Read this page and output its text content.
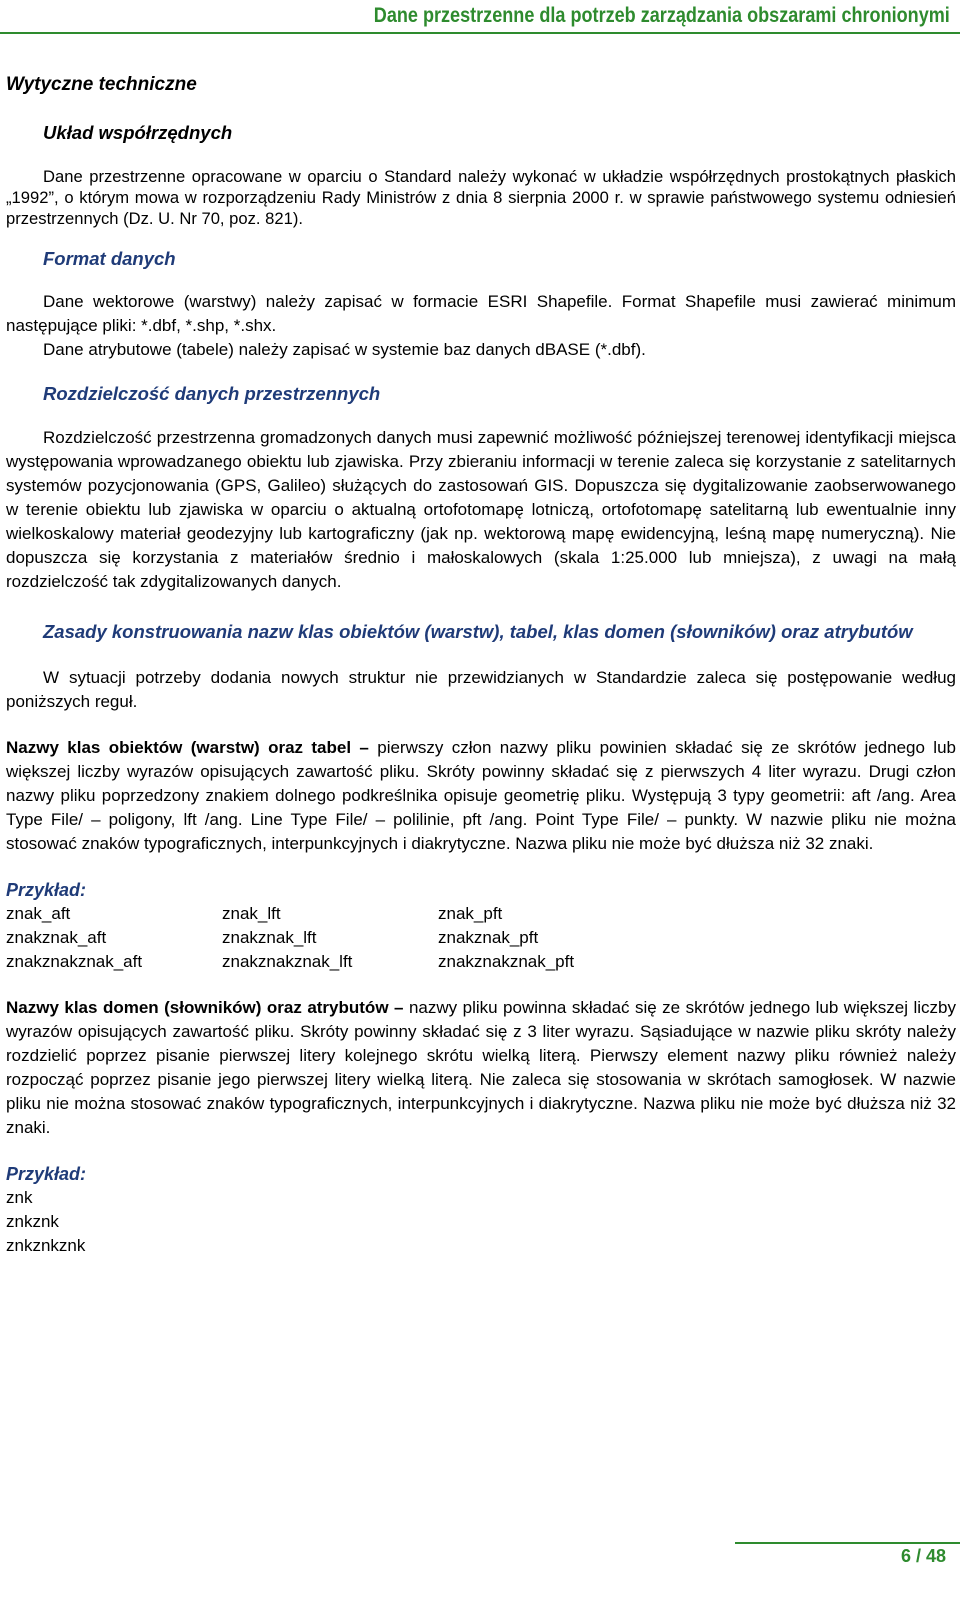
Dane przestrzenne dla potrzeb zarządzania obszarami chronionymi
Wytyczne techniczne
Układ współrzędnych

Dane przestrzenne opracowane w oparciu o Standard należy wykonać w układzie współrzędnych prostokątnych płaskich „1992”, o którym mowa w rozporządzeniu Rady Ministrów z dnia 8 sierpnia 2000 r. w sprawie państwowego systemu odniesień przestrzennych (Dz. U. Nr 70, poz. 821).

Format danych

Dane wektorowe (warstwy) należy zapisać w formacie ESRI Shapefile. Format Shapefile musi zawierać minimum następujące pliki: *.dbf, *.shp, *.shx.

Dane atrybutowe (tabele) należy zapisać w systemie baz danych dBASE (*.dbf).

Rozdzielczość danych przestrzennych

Rozdzielczość przestrzenna gromadzonych danych musi zapewnić możliwość późniejszej terenowej identyfikacji miejsca występowania wprowadzanego obiektu lub zjawiska. Przy zbieraniu informacji w terenie zaleca się korzystanie z satelitarnych systemów pozycjonowania (GPS, Galileo) służących do zastosowań GIS. Dopuszcza się dygitalizowanie zaobserwowanego w terenie obiektu lub zjawiska w oparciu o aktualną ortofotomapę lotniczą, ortofotomapę satelitarną lub ewentualnie inny wielkoskalowy materiał geodezyjny lub kartograficzny (jak np. wektorową mapę ewidencyjną, leśną mapę numeryczną). Nie dopuszcza się korzystania z materiałów średnio i małoskalowych (skala 1:25.000 lub mniejsza), z uwagi na małą rozdzielczość tak zdygitalizowanych danych.

Zasady konstruowania nazw klas obiektów (warstw), tabel, klas domen (słowników) oraz atrybutów

W sytuacji potrzeby dodania nowych struktur nie przewidzianych w Standardzie zaleca się postępowanie według poniższych reguł.

Nazwy klas obiektów (warstw) oraz tabel – pierwszy człon nazwy pliku powinien składać się ze skrótów jednego lub większej liczby wyrazów opisujących zawartość pliku. Skróty powinny składać się z pierwszych 4 liter wyrazu. Drugi człon nazwy pliku poprzedzony znakiem dolnego podkreślnika opisuje geometrię pliku. Występują 3 typy geometrii: aft /ang. Area Type File/ – poligony, lft /ang. Line Type File/ – polilinie, pft /ang. Point Type File/ – punkty. W nazwie pliku nie można stosować znaków typograficznych, interpunkcyjnych i diakrytyczne. Nazwa pliku nie może być dłuższa niż 32 znaki.

Przykład:
znak_aft	znak_lft	znak_pft
znakznak_aft	znakznak_lft	znakznak_pft
znakznakznak_aft	znakznakznak_lft	znakznakznak_pft

Nazwy klas domen (słowników) oraz atrybutów – nazwy pliku powinna składać się ze skrótów jednego lub większej liczby wyrazów opisujących zawartość pliku. Skróty powinny składać się z 3 liter wyrazu. Sąsiadujące w nazwie pliku skróty należy rozdzielić poprzez pisanie pierwszej litery kolejnego skrótu wielką literą. Pierwszy element nazwy pliku również należy rozpocząć poprzez pisanie jego pierwszej litery wielką literą. Nie zaleca się stosowania w skrótach samogłosek. W nazwie pliku nie można stosować znaków typograficznych, interpunkcyjnych i diakrytyczne. Nazwa pliku nie może być dłuższa niż 32 znaki.

Przykład:
znk
znkznk
znkznkznk
6 / 48
